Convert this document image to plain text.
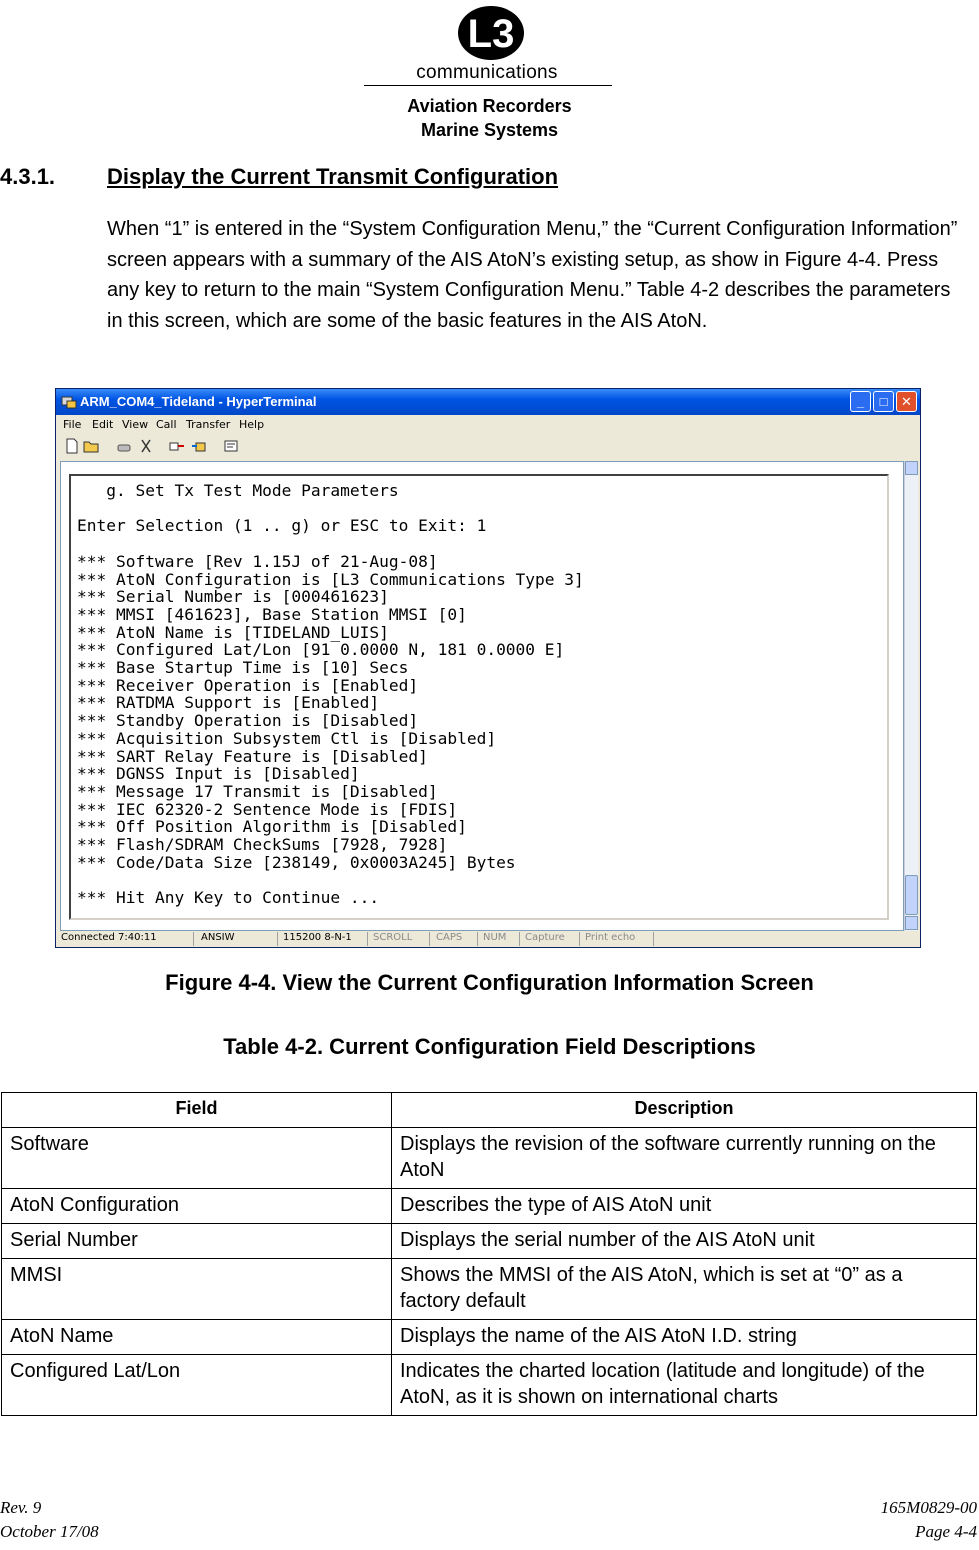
L3
communications
Aviation Recorders
Marine Systems
4.3.1. Display the Current Transmit Configuration
When “1” is entered in the “System Configuration Menu,” the “Current Configuration Information” screen appears with a summary of the AIS AtoN’s existing setup, as show in Figure 4-4. Press any key to return to the main “System Configuration Menu.” Table 4-2 describes the parameters in this screen, which are some of the basic features in the AIS AtoN.
ARM_COM4_Tideland - HyperTerminal	_	□	✕
File Edit View Call Transfer Help
g. Set Tx Test Mode Parameters

Enter Selection (1 .. g) or ESC to Exit: 1

*** Software [Rev 1.15J of 21-Aug-08]
*** AtoN Configuration is [L3 Communications Type 3]
*** Serial Number is [000461623]
*** MMSI [461623], Base Station MMSI [0]
*** AtoN Name is [TIDELAND_LUIS]
*** Configured Lat/Lon [91 0.0000 N, 181 0.0000 E]
*** Base Startup Time is [10] Secs
*** Receiver Operation is [Enabled]
*** RATDMA Support is [Enabled]
*** Standby Operation is [Disabled]
*** Acquisition Subsystem Ctl is [Disabled]
*** SART Relay Feature is [Disabled]
*** DGNSS Input is [Disabled]
*** Message 17 Transmit is [Disabled]
*** IEC 62320-2 Sentence Mode is [FDIS]
*** Off Position Algorithm is [Disabled]
*** Flash/SDRAM CheckSums [7928, 7928]
*** Code/Data Size [238149, 0x0003A245] Bytes

*** Hit Any Key to Continue ...
Connected 7:40:11	ANSIW	115200 8-N-1	SCROLL	CAPS	NUM	Capture	Print echo
Figure 4-4. View the Current Configuration Information Screen
Table 4-2. Current Configuration Field Descriptions
Field	Description
Software	Displays the revision of the software currently running on the AtoN
AtoN Configuration	Describes the type of AIS AtoN unit
Serial Number	Displays the serial number of the AIS AtoN unit
MMSI	Shows the MMSI of the AIS AtoN, which is set at “0” as a factory default
AtoN Name	Displays the name of the AIS AtoN I.D. string
Configured Lat/Lon	Indicates the charted location (latitude and longitude) of the AtoN, as it is shown on international charts
Rev. 9
October 17/08
165M0829-00
Page 4-4
